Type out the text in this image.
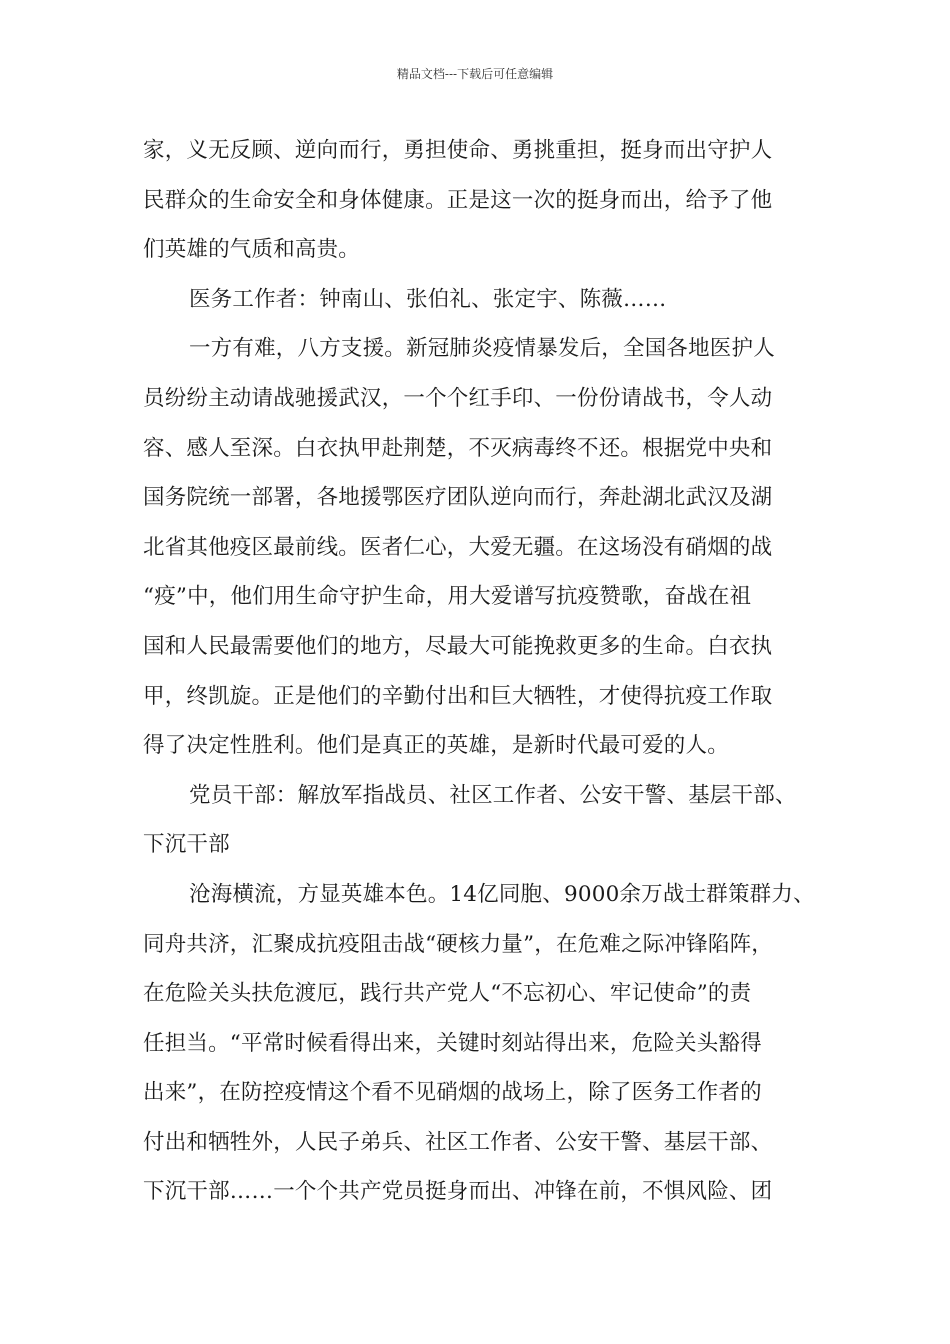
精品文档---下载后可任意编辑
家，义无反顾、逆向而行，勇担使命、勇挑重担，挺身而出守护人
民群众的生命安全和身体健康。正是这一次的挺身而出，给予了他
们英雄的气质和高贵。
医务工作者：钟南山、张伯礼、张定宇、陈薇……
一方有难，八方支援。新冠肺炎疫情暴发后，全国各地医护人
员纷纷主动请战驰援武汉，一个个红手印、一份份请战书，令人动
容、感人至深。白衣执甲赴荆楚，不灭病毒终不还。根据党中央和
国务院统一部署，各地援鄂医疗团队逆向而行，奔赴湖北武汉及湖
北省其他疫区最前线。医者仁心，大爱无疆。在这场没有硝烟的战
“疫”中，他们用生命守护生命，用大爱谱写抗疫赞歌，奋战在祖
国和人民最需要他们的地方，尽最大可能挽救更多的生命。白衣执
甲，终凯旋。正是他们的辛勤付出和巨大牺牲，才使得抗疫工作取
得了决定性胜利。他们是真正的英雄，是新时代最可爱的人。
党员干部：解放军指战员、社区工作者、公安干警、基层干部、
下沉干部
沧海横流，方显英雄本色。14亿同胞、9000余万战士群策群力、
同舟共济，汇聚成抗疫阻击战“硬核力量”，在危难之际冲锋陷阵，
在危险关头扶危渡厄，践行共产党人“不忘初心、牢记使命”的责
任担当。“平常时候看得出来，关键时刻站得出来，危险关头豁得
出来”，在防控疫情这个看不见硝烟的战场上，除了医务工作者的
付出和牺牲外，人民子弟兵、社区工作者、公安干警、基层干部、
下沉干部……一个个共产党员挺身而出、冲锋在前，不惧风险、团
